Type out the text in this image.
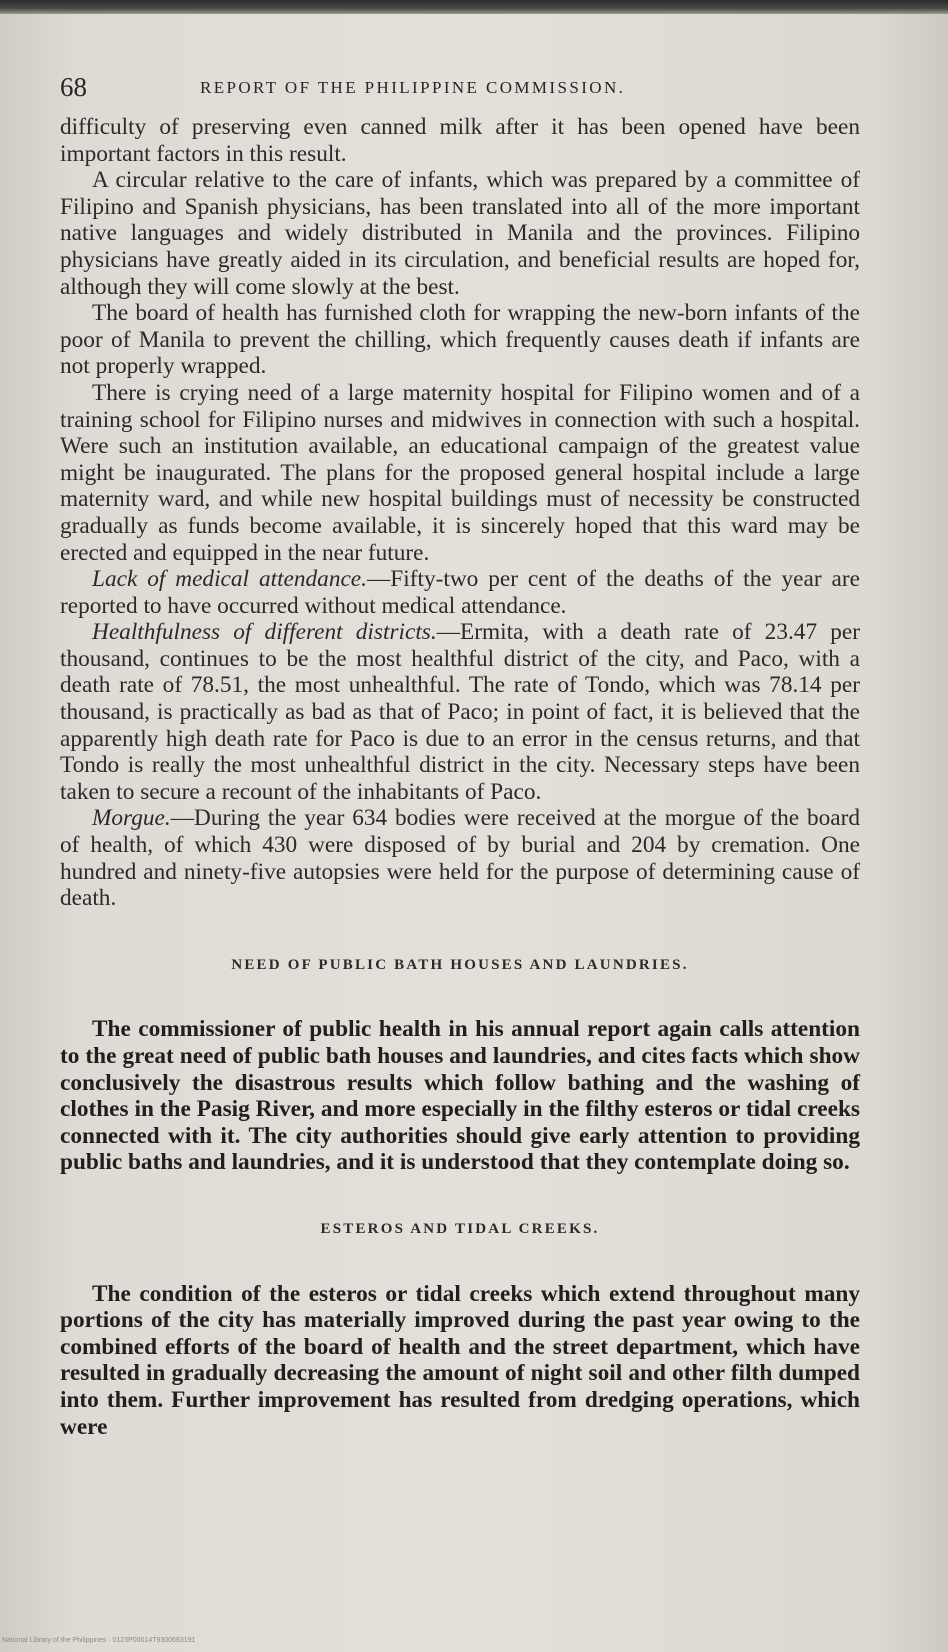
68	REPORT OF THE PHILIPPINE COMMISSION.

difficulty of preserving even canned milk after it has been opened have been important factors in this result.

A circular relative to the care of infants, which was prepared by a committee of Filipino and Spanish physicians, has been translated into all of the more important native languages and widely distributed in Manila and the provinces. Filipino physicians have greatly aided in its circulation, and beneficial results are hoped for, although they will come slowly at the best.

The board of health has furnished cloth for wrapping the new-born infants of the poor of Manila to prevent the chilling, which frequently causes death if infants are not properly wrapped.

There is crying need of a large maternity hospital for Filipino women and of a training school for Filipino nurses and midwives in connection with such a hospital. Were such an institution available, an educational campaign of the greatest value might be inaugurated. The plans for the proposed general hospital include a large maternity ward, and while new hospital buildings must of necessity be constructed gradually as funds become available, it is sincerely hoped that this ward may be erected and equipped in the near future.

Lack of medical attendance.—Fifty-two per cent of the deaths of the year are reported to have occurred without medical attendance.

Healthfulness of different districts.—Ermita, with a death rate of 23.47 per thousand, continues to be the most healthful district of the city, and Paco, with a death rate of 78.51, the most unhealthful. The rate of Tondo, which was 78.14 per thousand, is practically as bad as that of Paco; in point of fact, it is believed that the apparently high death rate for Paco is due to an error in the census returns, and that Tondo is really the most unhealthful district in the city. Necessary steps have been taken to secure a recount of the inhabitants of Paco.

Morgue.—During the year 634 bodies were received at the morgue of the board of health, of which 430 were disposed of by burial and 204 by cremation. One hundred and ninety-five autopsies were held for the purpose of determining cause of death.

NEED OF PUBLIC BATH HOUSES AND LAUNDRIES.

The commissioner of public health in his annual report again calls attention to the great need of public bath houses and laundries, and cites facts which show conclusively the disastrous results which follow bathing and the washing of clothes in the Pasig River, and more especially in the filthy esteros or tidal creeks connected with it. The city authorities should give early attention to providing public baths and laundries, and it is understood that they contemplate doing so.

ESTEROS AND TIDAL CREEKS.

The condition of the esteros or tidal creeks which extend throughout many portions of the city has materially improved during the past year owing to the combined efforts of the board of health and the street department, which have resulted in gradually decreasing the amount of night soil and other filth dumped into them. Further improvement has resulted from dredging operations, which were

National Library of the Philippines · 0123P00014T9300683191
